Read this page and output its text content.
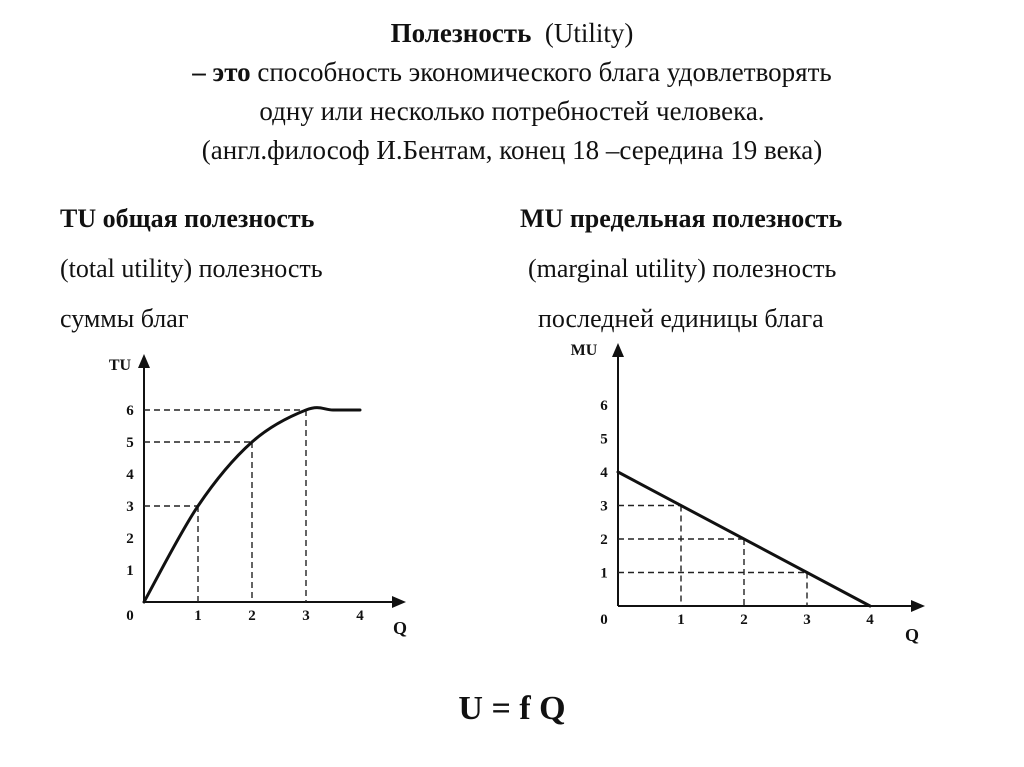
Полезность (Utility)
– это способность экономического блага удовлетворять
одну или несколько потребностей человека.
(англ.философ И.Бентам, конец 18 –середина 19 века)
TU общая полезность
(total utility) полезность
суммы благ
MU предельная полезность
(marginal utility) полезность
последней единицы блага
TU
Q
0	1	2	3	4
1
2
3
4
5
6
MU
Q
0	1	2	3	4
1
2
3
4
5
6
U = f Q
